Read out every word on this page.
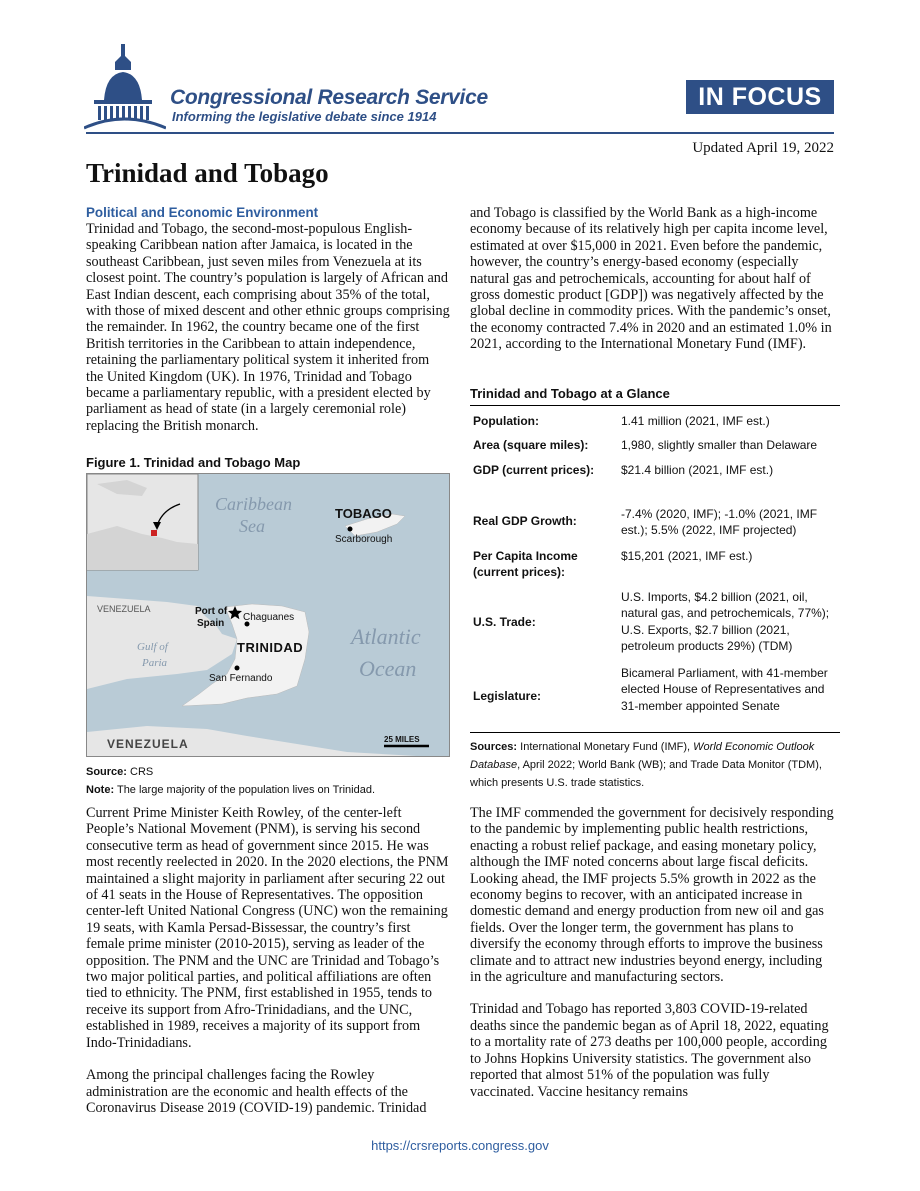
Congressional Research Service
Informing the legislative debate since 1914
IN FOCUS
Updated April 19, 2022
Trinidad and Tobago
Political and Economic Environment

Trinidad and Tobago, the second-most-populous English-speaking Caribbean nation after Jamaica, is located in the southeast Caribbean, just seven miles from Venezuela at its closest point. The country’s population is largely of African and East Indian descent, each comprising about 35% of the total, with those of mixed descent and other ethnic groups comprising the remainder. In 1962, the country became one of the first British territories in the Caribbean to attain independence, retaining the parliamentary political system it inherited from the United Kingdom (UK). In 1976, Trinidad and Tobago became a parliamentary republic, with a president elected by parliament as head of state (in a largely ceremonial role) replacing the British monarch.

Figure 1. Trinidad and Tobago Map
Caribbean
Sea
Atlantic
Ocean
Gulf of
Paria
TOBAGO
Scarborough
VENEZUELA	Port of
Spain
Chaguanes
TRINIDAD
San Fernando
25 MILES
VENEZUELA
Source: CRS
Note: The large majority of the population lives on Trinidad.

Current Prime Minister Keith Rowley, of the center-left People’s National Movement (PNM), is serving his second consecutive term as head of government since 2015. He was most recently reelected in 2020. In the 2020 elections, the PNM maintained a slight majority in parliament after securing 22 out of 41 seats in the House of Representatives. The opposition center-left United National Congress (UNC) won the remaining 19 seats, with Kamla Persad-Bissessar, the country’s first female prime minister (2010-2015), serving as leader of the opposition. The PNM and the UNC are Trinidad and Tobago’s two major political parties, and political affiliations are often tied to ethnicity. The PNM, first established in 1955, tends to receive its support from Afro-Trinidadians, and the UNC, established in 1989, receives a majority of its support from Indo-Trinidadians.

Among the principal challenges facing the Rowley administration are the economic and health effects of the Coronavirus Disease 2019 (COVID-19) pandemic. Trinidad

and Tobago is classified by the World Bank as a high-income economy because of its relatively high per capita income level, estimated at over $15,000 in 2021. Even before the pandemic, however, the country’s energy-based economy (especially natural gas and petrochemicals, accounting for about half of gross domestic product [GDP]) was negatively affected by the global decline in commodity prices. With the pandemic’s onset, the economy contracted 7.4% in 2020 and an estimated 1.0% in 2021, according to the International Monetary Fund (IMF).

Trinidad and Tobago at a Glance
Population:	1.41 million (2021, IMF est.)
Area (square miles):	1,980, slightly smaller than Delaware
GDP (current prices):	$21.4 billion (2021, IMF est.)
Real GDP Growth:	-7.4% (2020, IMF); -1.0% (2021, IMF est.); 5.5% (2022, IMF projected)
Per Capita Income (current prices):	$15,201 (2021, IMF est.)
U.S. Trade:	U.S. Imports, $4.2 billion (2021, oil, natural gas, and petrochemicals, 77%); U.S. Exports, $2.7 billion (2021, petroleum products 29%) (TDM)
Legislature:	Bicameral Parliament, with 41-member elected House of Representatives and 31-member appointed Senate
Sources: International Monetary Fund (IMF), World Economic Outlook Database, April 2022; World Bank (WB); and Trade Data Monitor (TDM), which presents U.S. trade statistics.

The IMF commended the government for decisively responding to the pandemic by implementing public health restrictions, enacting a robust relief package, and easing monetary policy, although the IMF noted concerns about large fiscal deficits. Looking ahead, the IMF projects 5.5% growth in 2022 as the economy begins to recover, with an anticipated increase in domestic demand and energy production from new oil and gas fields. Over the longer term, the government has plans to diversify the economy through efforts to improve the business climate and to attract new industries beyond energy, including in the agriculture and manufacturing sectors.

Trinidad and Tobago has reported 3,803 COVID-19-related deaths since the pandemic began as of April 18, 2022, equating to a mortality rate of 273 deaths per 100,000 people, according to Johns Hopkins University statistics. The government also reported that almost 51% of the population was fully vaccinated. Vaccine hesitancy remains

https://crsreports.congress.gov
